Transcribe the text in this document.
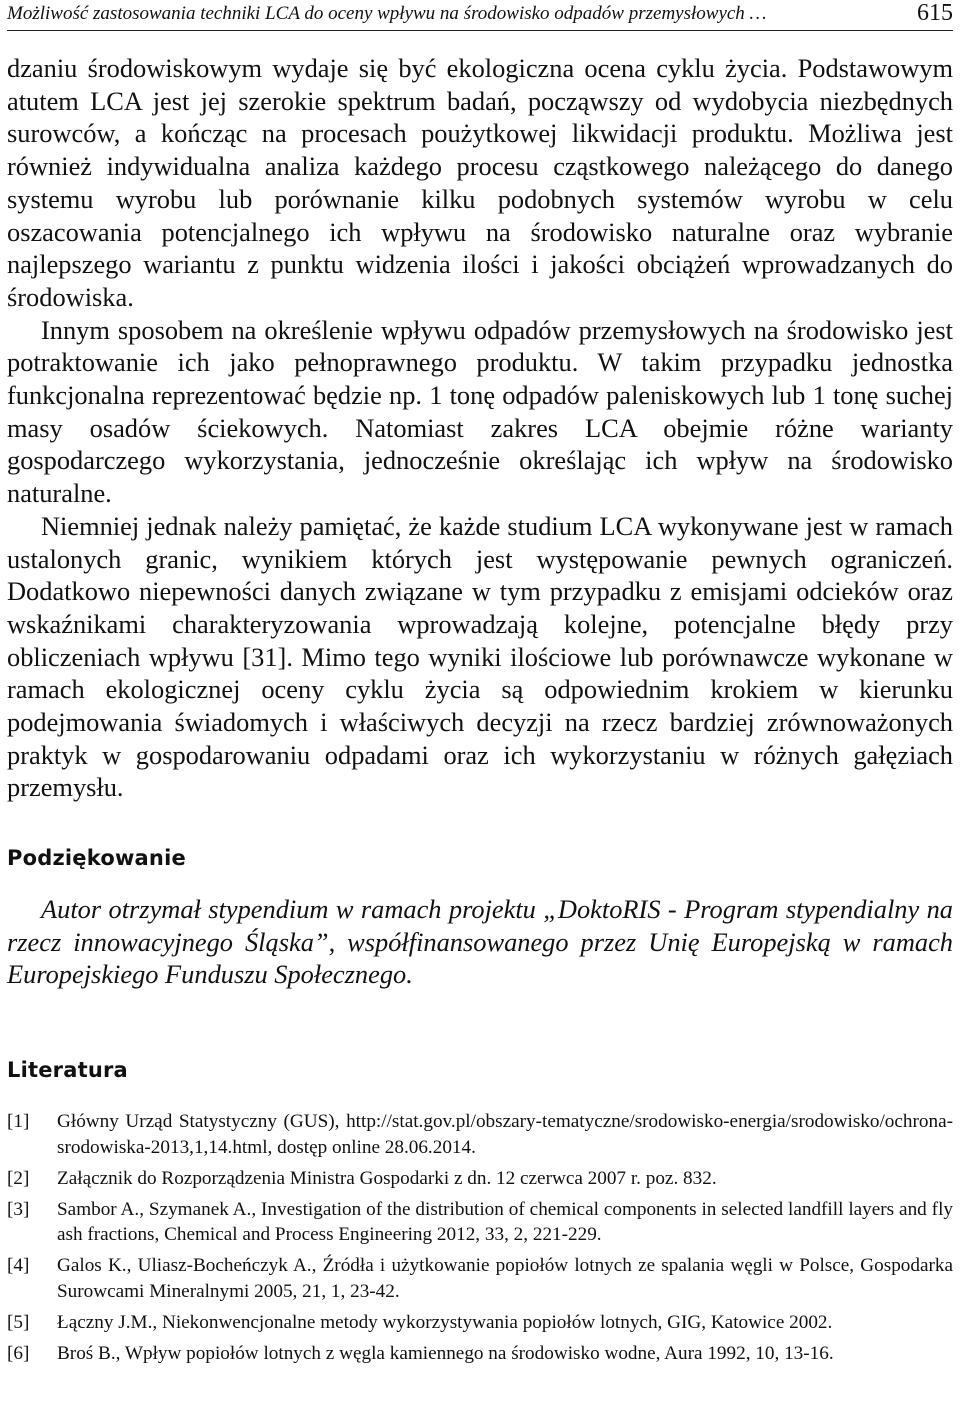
Możliwość zastosowania techniki LCA do oceny wpływu na środowisko odpadów przemysłowych …	615

dzaniu środowiskowym wydaje się być ekologiczna ocena cyklu życia. Podstawowym atutem LCA jest jej szerokie spektrum badań, począwszy od wydobycia niezbędnych surowców, a kończąc na procesach poużytkowej likwidacji produktu. Możliwa jest również indywidualna analiza każdego procesu cząstkowego należącego do danego systemu wyrobu lub porównanie kilku podobnych systemów wyrobu w celu oszacowania potencjalnego ich wpływu na środowisko naturalne oraz wybranie najlepszego wariantu z punktu widzenia ilości i jakości obciążeń wprowadzanych do środowiska.

Innym sposobem na określenie wpływu odpadów przemysłowych na środowisko jest potraktowanie ich jako pełnoprawnego produktu. W takim przypadku jednostka funkcjonalna reprezentować będzie np. 1 tonę odpadów paleniskowych lub 1 tonę suchej masy osadów ściekowych. Natomiast zakres LCA obejmie różne warianty gospodarczego wykorzystania, jednocześnie określając ich wpływ na środowisko naturalne.

Niemniej jednak należy pamiętać, że każde studium LCA wykonywane jest w ramach ustalonych granic, wynikiem których jest występowanie pewnych ograniczeń. Dodatkowo niepewności danych związane w tym przypadku z emisjami odcieków oraz wskaźnikami charakteryzowania wprowadzają kolejne, potencjalne błędy przy obliczeniach wpływu [31]. Mimo tego wyniki ilościowe lub porównawcze wykonane w ramach ekologicznej oceny cyklu życia są odpowiednim krokiem w kierunku podejmowania świadomych i właściwych decyzji na rzecz bardziej zrównoważonych praktyk w gospodarowaniu odpadami oraz ich wykorzystaniu w różnych gałęziach przemysłu.

Podziękowanie

Autor otrzymał stypendium w ramach projektu „DoktoRIS - Program stypendialny na rzecz innowacyjnego Śląska”, współfinansowanego przez Unię Europejską w ramach Europejskiego Funduszu Społecznego.

Literatura
[1]	Główny Urząd Statystyczny (GUS), http://stat.gov.pl/obszary-tematyczne/srodowisko-energia/srodowisko/ochrona-srodowiska-2013,1,14.html, dostęp online 28.06.2014.
[2]	Załącznik do Rozporządzenia Ministra Gospodarki z dn. 12 czerwca 2007 r. poz. 832.
[3]	Sambor A., Szymanek A., Investigation of the distribution of chemical components in selected landfill layers and fly ash fractions, Chemical and Process Engineering 2012, 33, 2, 221-229.
[4]	Galos K., Uliasz-Bocheńczyk A., Źródła i użytkowanie popiołów lotnych ze spalania węgli w Polsce, Gospodarka Surowcami Mineralnymi 2005, 21, 1, 23-42.
[5]	Łączny J.M., Niekonwencjonalne metody wykorzystywania popiołów lotnych, GIG, Katowice 2002.
[6]	Broś B., Wpływ popiołów lotnych z węgla kamiennego na środowisko wodne, Aura 1992, 10, 13-16.
